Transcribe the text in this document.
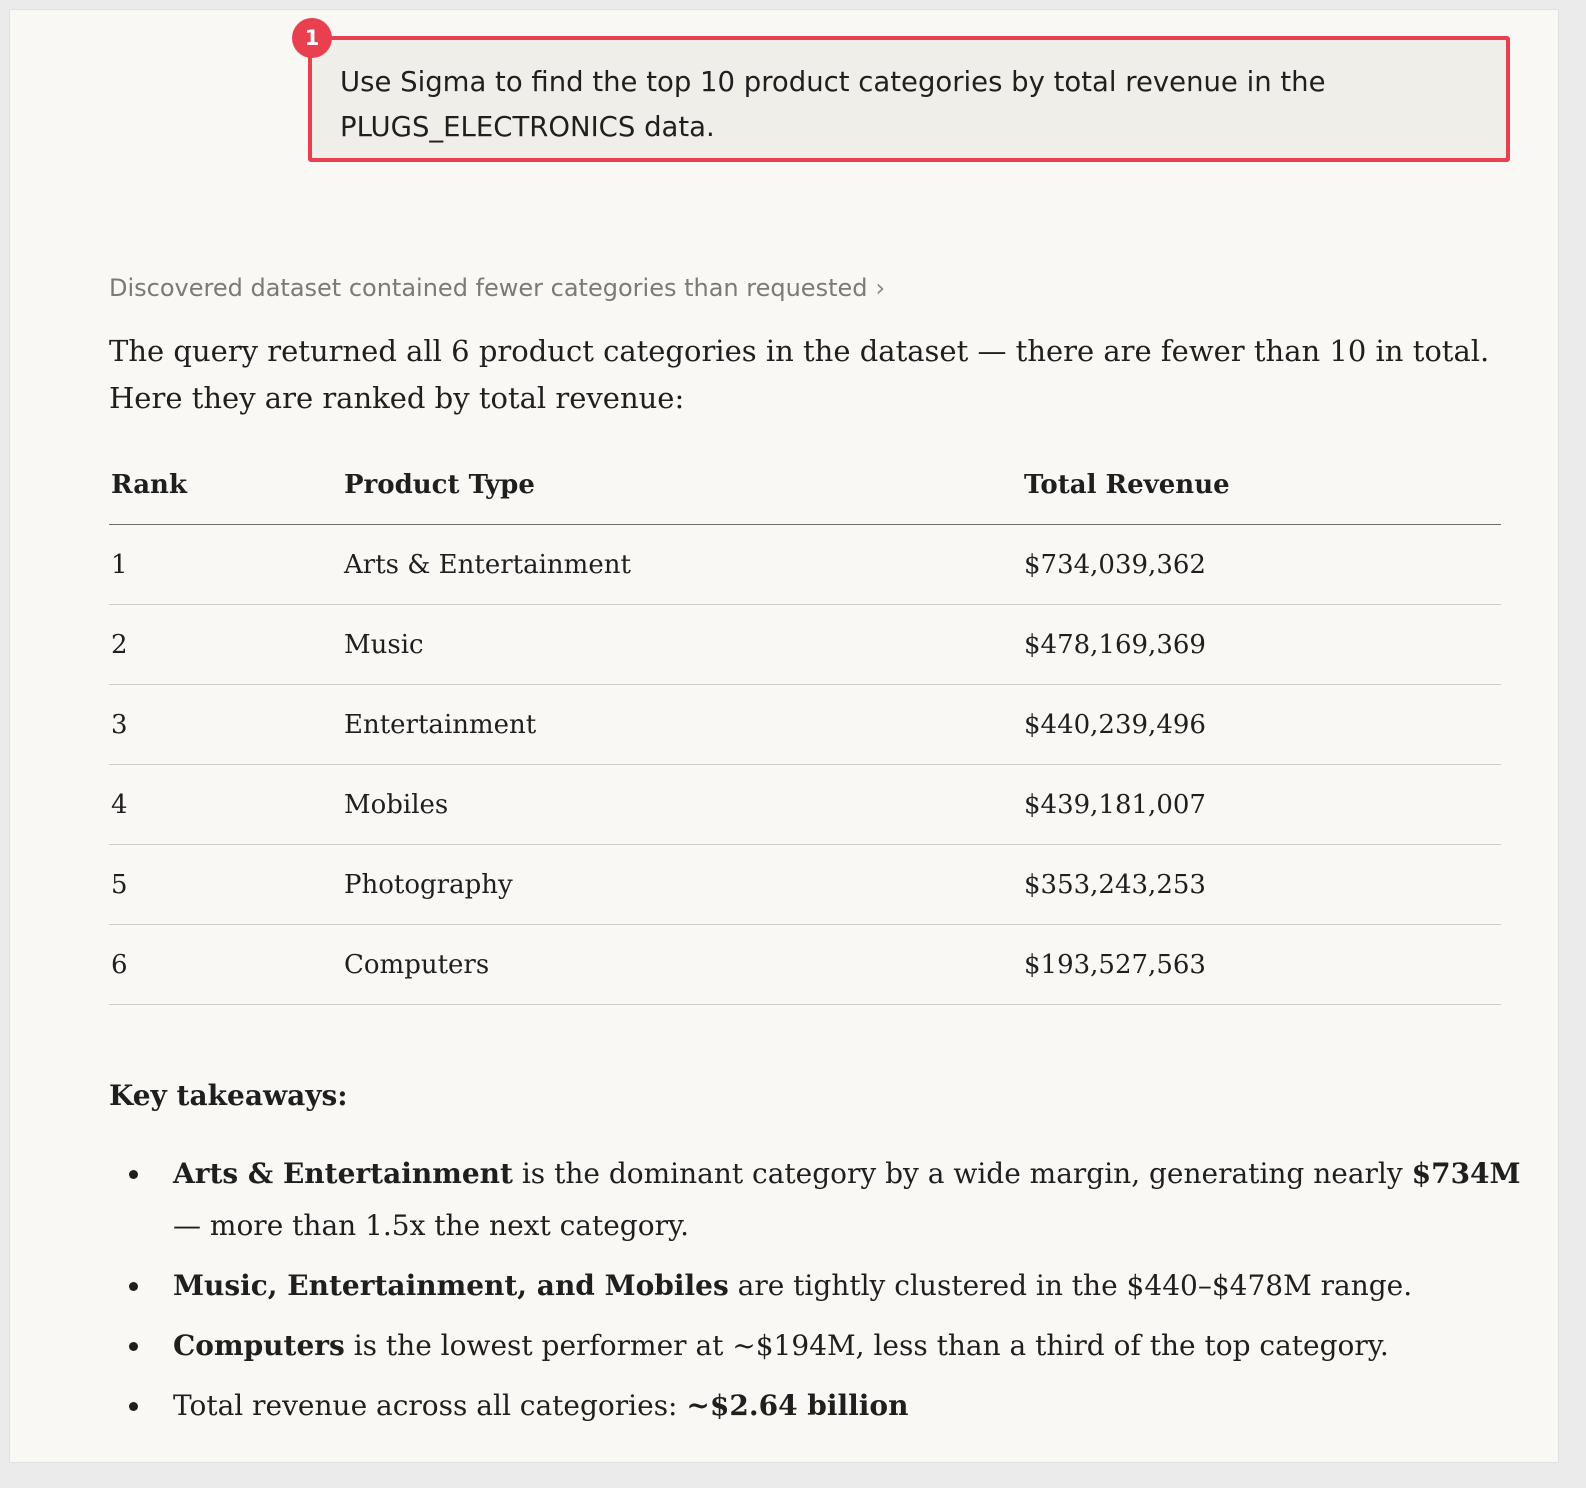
Use Sigma to find the top 10 product categories by total revenue in the PLUGS_ELECTRONICS data.
1
Discovered dataset contained fewer categories than requested ›
The query returned all 6 product categories in the dataset — there are fewer than 10 in total. Here they are ranked by total revenue:
Rank	Product Type	Total Revenue
1	Arts & Entertainment	$734,039,362
2	Music	$478,169,369
3	Entertainment	$440,239,496
4	Mobiles	$439,181,007
5	Photography	$353,243,253
6	Computers	$193,527,563
Key takeaways:
Arts & Entertainment is the dominant category by a wide margin, generating nearly $734M — more than 1.5x the next category.
Music, Entertainment, and Mobiles are tightly clustered in the $440–$478M range.
Computers is the lowest performer at ~$194M, less than a third of the top category.
Total revenue across all categories: ~$2.64 billion
